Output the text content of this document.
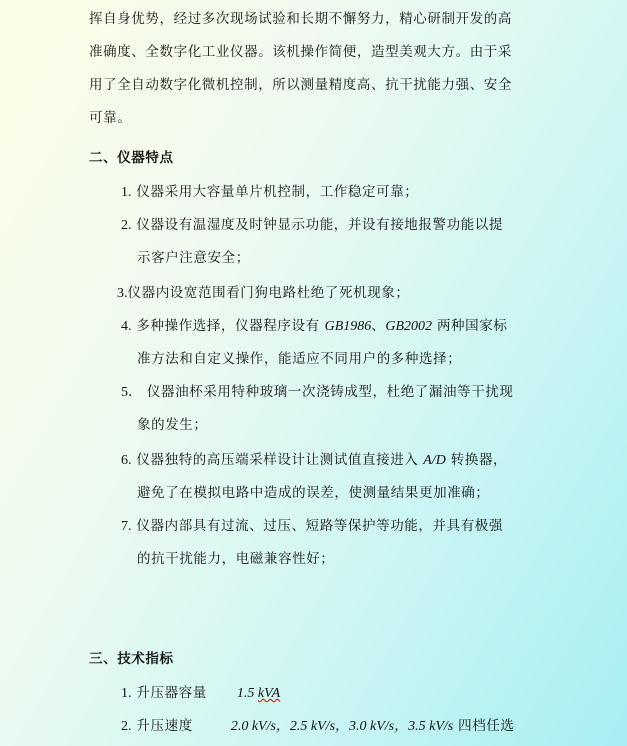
挥自身优势，经过多次现场试验和长期不懈努力，精心研制开发的高
准确度、全数字化工业仪器。该机操作简便，造型美观大方。由于采
用了全自动数字化微机控制，所以测量精度高、抗干扰能力强、安全
可靠。
二、仪器特点
1. 仪器采用大容量单片机控制，工作稳定可靠；
2. 仪器设有温湿度及时钟显示功能，并设有接地报警功能以提
示客户注意安全；
3.仪器内设宽范围看门狗电路杜绝了死机现象；
4. 多种操作选择，仪器程序设有 GB1986、GB2002 两种国家标
准方法和自定义操作，能适应不同用户的多种选择；
5． 仪器油杯采用特种玻璃一次浇铸成型，杜绝了漏油等干扰现
象的发生；
6. 仪器独特的高压端采样设计让测试值直接进入 A/D 转换器，
避免了在模拟电路中造成的误差，使测量结果更加准确；
7. 仪器内部具有过流、过压、短路等保护等功能，并具有极强
的抗干扰能力，电磁兼容性好；
三、技术指标
1. 升压器容量 1.5 kVA
2. 升压速度	2.0 kV/s，2.5 kV/s，3.0 kV/s，3.5 kV/s 四档任选
